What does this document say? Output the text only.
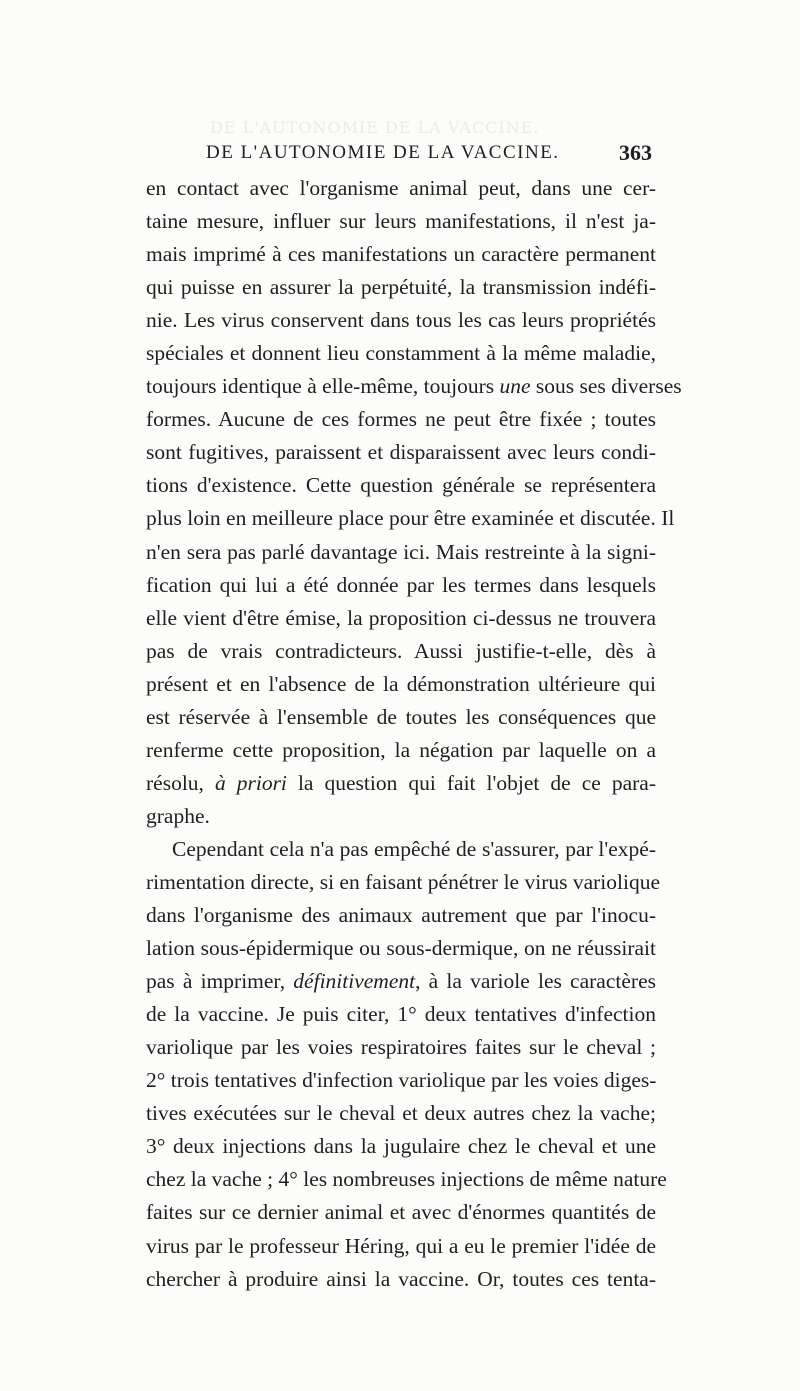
DE L'AUTONOMIE DE LA VACCINE.
DE L'AUTONOMIE DE LA VACCINE.	363
en contact avec l'organisme animal peut, dans une cer-
taine mesure, influer sur leurs manifestations, il n'est ja-
mais imprimé à ces manifestations un caractère permanent
qui puisse en assurer la perpétuité, la transmission indéfi-
nie. Les virus conservent dans tous les cas leurs propriétés
spéciales et donnent lieu constamment à la même maladie,
toujours identique à elle-même, toujours une sous ses diverses
formes. Aucune de ces formes ne peut être fixée ; toutes
sont fugitives, paraissent et disparaissent avec leurs condi-
tions d'existence. Cette question générale se représentera
plus loin en meilleure place pour être examinée et discutée. Il
n'en sera pas parlé davantage ici. Mais restreinte à la signi-
fication qui lui a été donnée par les termes dans lesquels
elle vient d'être émise, la proposition ci-dessus ne trouvera
pas de vrais contradicteurs. Aussi justifie-t-elle, dès à
présent et en l'absence de la démonstration ultérieure qui
est réservée à l'ensemble de toutes les conséquences que
renferme cette proposition, la négation par laquelle on a
résolu, à priori la question qui fait l'objet de ce para-
graphe.
Cependant cela n'a pas empêché de s'assurer, par l'expé-
rimentation directe, si en faisant pénétrer le virus variolique
dans l'organisme des animaux autrement que par l'inocu-
lation sous-épidermique ou sous-dermique, on ne réussirait
pas à imprimer, définitivement, à la variole les caractères
de la vaccine. Je puis citer, 1° deux tentatives d'infection
variolique par les voies respiratoires faites sur le cheval ;
2° trois tentatives d'infection variolique par les voies diges-
tives exécutées sur le cheval et deux autres chez la vache;
3° deux injections dans la jugulaire chez le cheval et une
chez la vache ; 4° les nombreuses injections de même nature
faites sur ce dernier animal et avec d'énormes quantités de
virus par le professeur Héring, qui a eu le premier l'idée de
chercher à produire ainsi la vaccine. Or, toutes ces tenta-
